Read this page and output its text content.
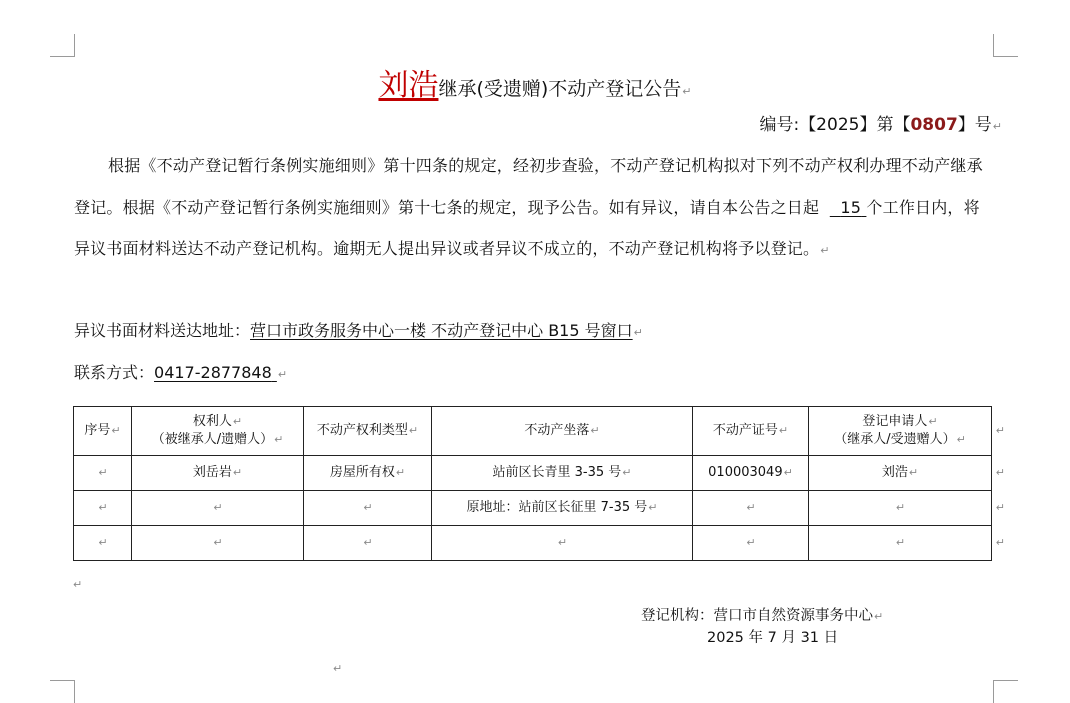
刘浩继承(受遗赠)不动产登记公告↵
编号:【2025】第【0807】号↵

根据《不动产登记暂行条例实施细则》第十四条的规定，经初步查验，不动产登记机构拟对下列不动产权利办理不动产继承登记。根据《不动产登记暂行条例实施细则》第十七条的规定，现予公告。如有异议，请自本公告之日起 15 个工作日内，将异议书面材料送达不动产登记机构。逾期无人提出异议或者异议不成立的，不动产登记机构将予以登记。↵

异议书面材料送达地址：营口市政务服务中心一楼 不动产登记中心 B15 号窗口↵
联系方式：0417-2877848 ↵
序号↵	权利人↵
（被继承人/遗赠人）↵	不动产权利类型↵	不动产坐落↵	不动产证号↵	登记申请人↵
（继承人/受遗赠人）↵
↵

↵	刘岳岩↵	房屋所有权↵	站前区长青里 3-35 号↵	010003049↵	刘浩↵ ↵

↵	↵	↵	原地址：站前区长征里 7-35 号↵	↵	↵ ↵

↵	↵	↵	↵	↵	↵ ↵
↵
登记机构：营口市自然资源事务中心↵
2025 年 7 月 31 日
↵
